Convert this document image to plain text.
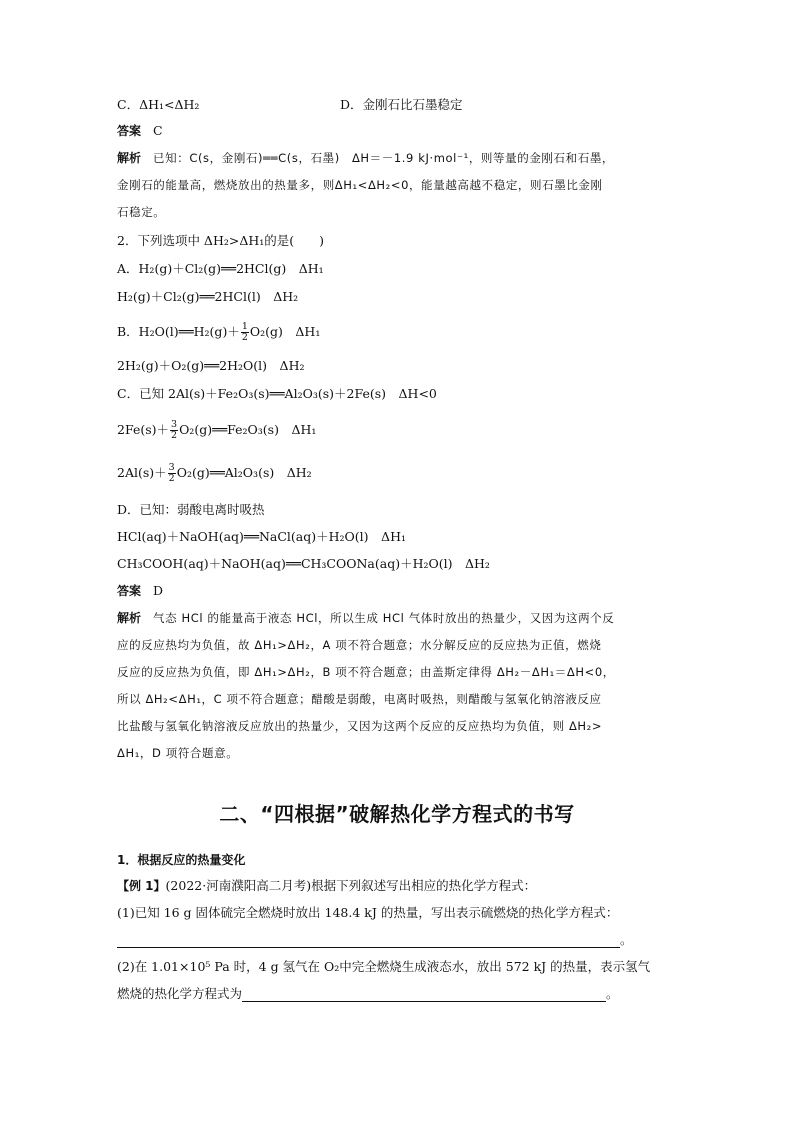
C．ΔH₁<ΔH₂	D．金刚石比石墨稳定
答案 C
解析 已知：C(s，金刚石)══C(s，石墨)　ΔH＝－1.9 kJ·mol⁻¹，则等量的金刚石和石墨，
金刚石的能量高，燃烧放出的热量多，则ΔH₁<ΔH₂<0，能量越高越不稳定，则石墨比金刚
石稳定。
2．下列选项中 ΔH₂>ΔH₁的是(　　)
A．H₂(g)＋Cl₂(g)══2HCl(g)　ΔH₁
H₂(g)＋Cl₂(g)══2HCl(l)　ΔH₂
B．H₂O(l)══H₂(g)＋ $\frac{1}{2} O_2(g)$　ΔH₁
2H₂(g)＋O₂(g)══2H₂O(l)　ΔH₂
C．已知 2Al(s)＋Fe₂O₃(s)══Al₂O₃(s)＋2Fe(s)　ΔH<0
$2Fe(s)+ \frac{3}{2}$ O₂(g)══Fe₂O₃(s)　ΔH₁
$2Al(s)+ \frac{3}{2}$ O₂(g)══Al₂O₃(s)　ΔH₂
D．已知：弱酸电离时吸热
HCl(aq)＋NaOH(aq)══NaCl(aq)＋H₂O(l)　ΔH₁
CH₃COOH(aq)＋NaOH(aq)══CH₃COONa(aq)＋H₂O(l)　ΔH₂
答案 D
解析 气态 HCl 的能量高于液态 HCl，所以生成 HCl 气体时放出的热量少，又因为这两个反
应的反应热均为负值，故 ΔH₁>ΔH₂，A 项不符合题意；水分解反应的反应热为正值，燃烧
反应的反应热为负值，即 ΔH₁>ΔH₂，B 项不符合题意；由盖斯定律得 ΔH₂－ΔH₁＝ΔH<0，
所以 ΔH₂<ΔH₁，C 项不符合题意；醋酸是弱酸，电离时吸热，则醋酸与氢氧化钠溶液反应
比盐酸与氢氧化钠溶液反应放出的热量少，又因为这两个反应的反应热均为负值，则 ΔH₂>
ΔH₁，D 项符合题意。
二、“四根据”破解热化学方程式的书写
1．根据反应的热量变化
【例 1】(2022·河南濮阳高二月考)根据下列叙述写出相应的热化学方程式：
(1)已知 16 g 固体硫完全燃烧时放出 148.4 kJ 的热量，写出表示硫燃烧的热化学方程式：
。
(2)在 1.01×10⁵ Pa 时，4 g 氢气在 O₂中完全燃烧生成液态水，放出 572 kJ 的热量，表示氢气
燃烧的热化学方程式为	。
